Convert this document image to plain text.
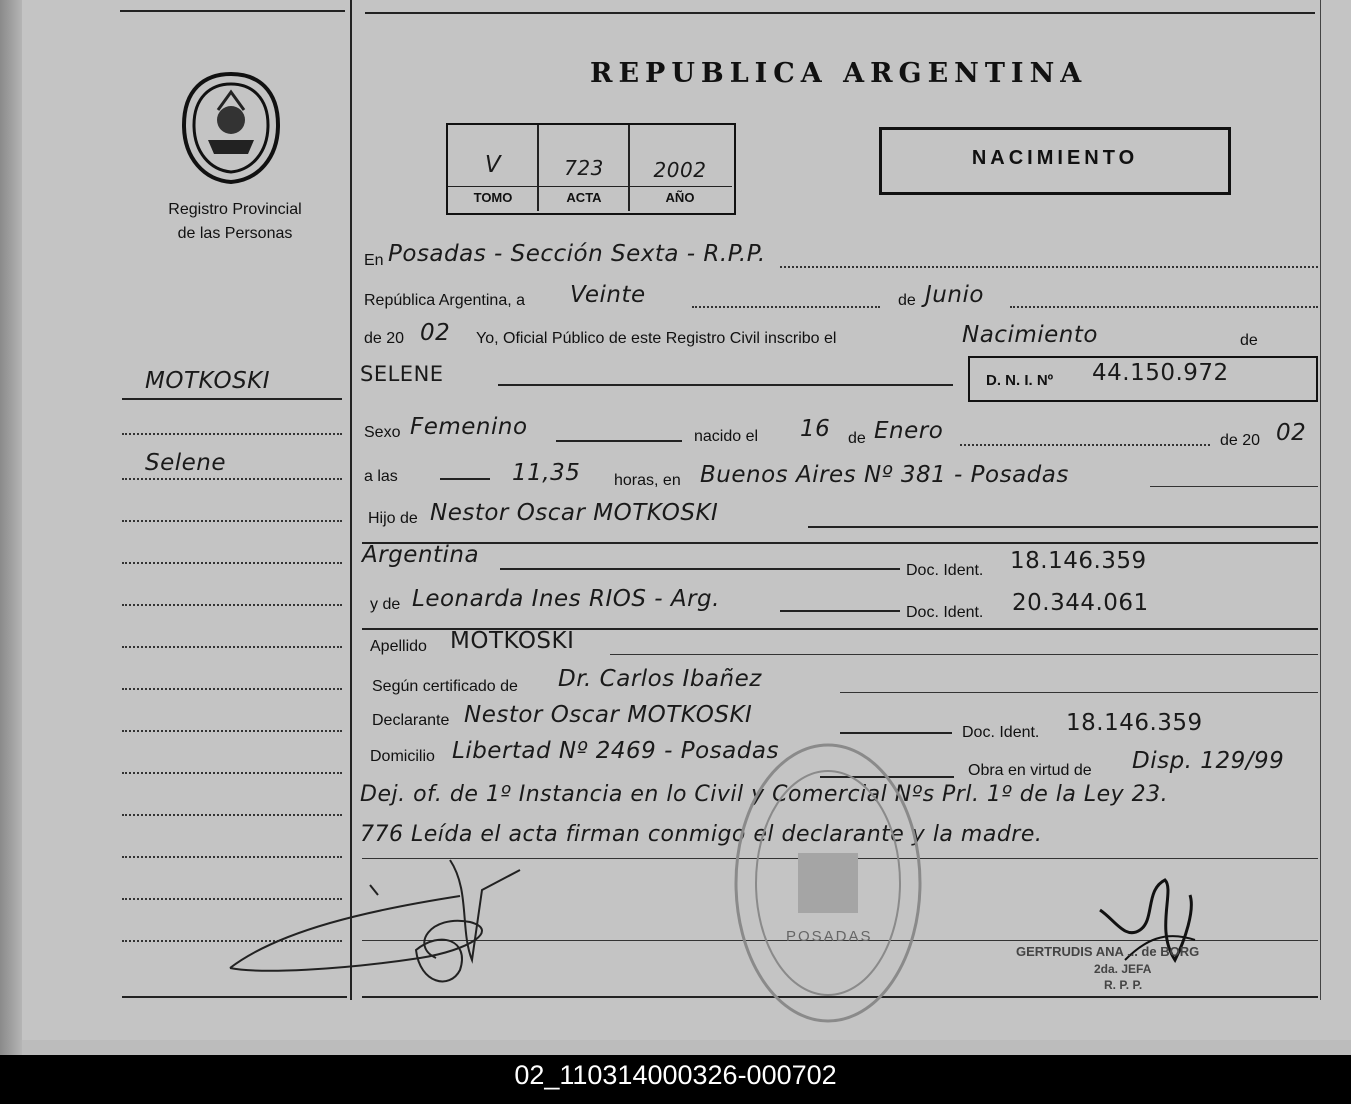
Registro Provincial
de las Personas
REPUBLICA ARGENTINA
V	723	2002
TOMO	ACTA	AÑO
NACIMIENTO
MOTKOSKI
Selene
En Posadas - Sección Sexta - R.P.P.
República Argentina, a Veinte	de Junio
de 20 02 Yo, Oficial Público de este Registro Civil inscribo el	Nacimiento	de
SELENE	D. N. I. Nº 44.150.972
Sexo Femenino	nacido el 16 de Enero	de 20 02
a las	11,35 horas, en Buenos Aires Nº 381 - Posadas
Hijo de Nestor Oscar MOTKOSKI
Argentina
Doc. Ident. 18.146.359
y de Leonarda Ines RIOS - Arg.
Doc. Ident. 20.344.061
Apellido MOTKOSKI
Según certificado de Dr. Carlos Ibañez
Declarante Nestor Oscar MOTKOSKI
Doc. Ident. 18.146.359
Domicilio Libertad Nº 2469 - Posadas
Obra en virtud de Disp. 129/99
Dej. of. de 1º Instancia en lo Civil y Comercial Nºs Prl. 1º de la Ley 23.
776 Leída el acta firman conmigo el declarante y la madre.
POSADAS
GERTRUDIS ANA ... de BORG
2da. JEFA
R. P. P.
02_110314000326-000702
